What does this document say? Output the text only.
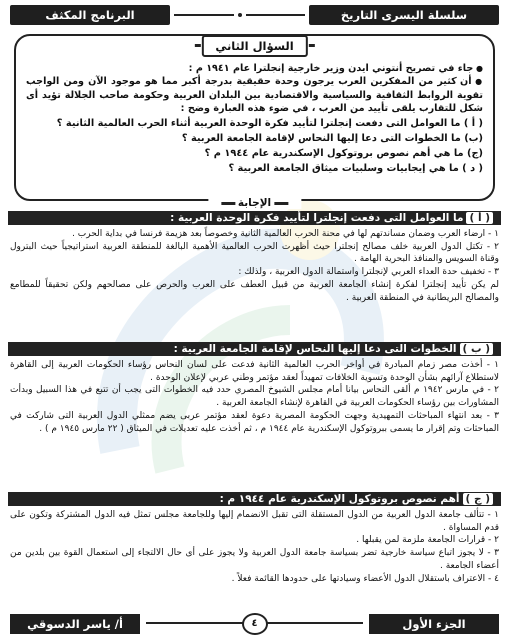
سلسلة اليسرى التاريخ
البرنامج المكثف
السؤال الثاني

● جاء في تصريح أنتوني ايدن وزير خارجية إنجلترا عام ١٩٤١ م :

● أن كثير من المفكرين العرب يرجون وحدة حقيقية بدرجة أكبر مما هو موجود الآن ومن الواجب تقوية الروابط الثقافية والسياسية والاقتصادية بين البلدان العربية وحكومة صاحب الجلالة تؤيد أى شكل للتقارب يلقى تأييد من العرب ، في ضوء هذه العبارة وضح :

( أ ) ما العوامل التى دفعت إنجلترا لتأييد فكرة الوحدة العربية أثناء الحرب العالمية الثانية ؟

(ب) ما الخطوات التى دعا إليها النحاس لإقامة الجامعة العربية ؟

(ج) ما هي أهم نصوص بروتوكول الإسكندرية عام ١٩٤٤ م ؟

( د ) ما هي إيجابيات وسلبيات ميثاق الجامعة العربية ؟

الإجابة
( أ )ما العوامل التى دفعت إنجلترا لتأييد فكرة الوحدة العربية :

١ - ارضاء العرب وضمان مساندتهم لها في محنة الحرب العالمية الثانية وخصوصاً بعد هزيمة فرنسا في بداية الحرب .

٢ - تكتل الدول العربية خلف مصالح إنجلترا حيث أظهرت الحرب العالمية الأهمية البالغة للمنطقة العربية استراتيجياً حيث البترول وقناة السويس والمنافذ البحرية الهامة .

٣ - تخفيف حدة العداء العربي لإنجلترا واستمالة الدول العربية ، ولذلك :

لم يكن تأييد إنجلترا لفكرة إنشاء الجامعة العربية من قبيل العطف على العرب والحرص على مصالحهم ولكن تحقيقاً للمطامع والمصالح البريطانية في المنطقة العربية .

( ب )الخطوات التى دعا إليها النحاس لإقامة الجامعة العربية :

١ - أخذت مصر زمام المبادرة في أواخر الحرب العالمية الثانية فدعت على لسان النحاس رؤساء الحكومات العربية إلى القاهرة لاستطلاع آرائهم بشأن الوحدة وتسوية الخلافات تمهيداً لعقد مؤتمر وطني عربي لإعلان الوحدة .

٢ - في مارس ١٩٤٢ م ألقى النحاس بيانا أمام مجلس الشيوخ المصري حدد فيه الخطوات التى يجب أن تتبع في هذا السبيل وبدأت المشاورات بين رؤساء الحكومات العربية في القاهرة لإنشاء الجامعة العربية .

٣ - بعد انتهاء المباحثات التمهيدية وجهت الحكومة المصرية دعوة لعقد مؤتمر عربى يضم ممثلي الدول العربية التى شاركت في المباحثات وتم إقرار ما يسمى ببروتوكول الإسكندرية عام ١٩٤٤ م ، ثم أخذت عليه تعديلات في الميثاق ( ٢٢ مارس ١٩٤٥ م ) .

( ج )أهم نصوص بروتوكول الإسكندرية عام ١٩٤٤ م :

١ - تتألف جامعة الدول العربية من الدول المستقلة التى تقبل الانضمام إليها وللجامعة مجلس تمثل فيه الدول المشتركة وتكون على قدم المساواة .

٢ - قرارات الجامعة ملزمة لمن يقبلها .

٣ - لا يجوز اتباع سياسة خارجية تضر بسياسة جامعة الدول العربية ولا يجوز على أى حال الالتجاء إلى استعمال القوة بين بلدين من أعضاء الجامعة .

٤ - الاعتراف باستقلال الدول الأعضاء وسيادتها على حدودها القائمة فعلاً .

الجزء الأول
٤
أ/ ياسر الدسوقي
